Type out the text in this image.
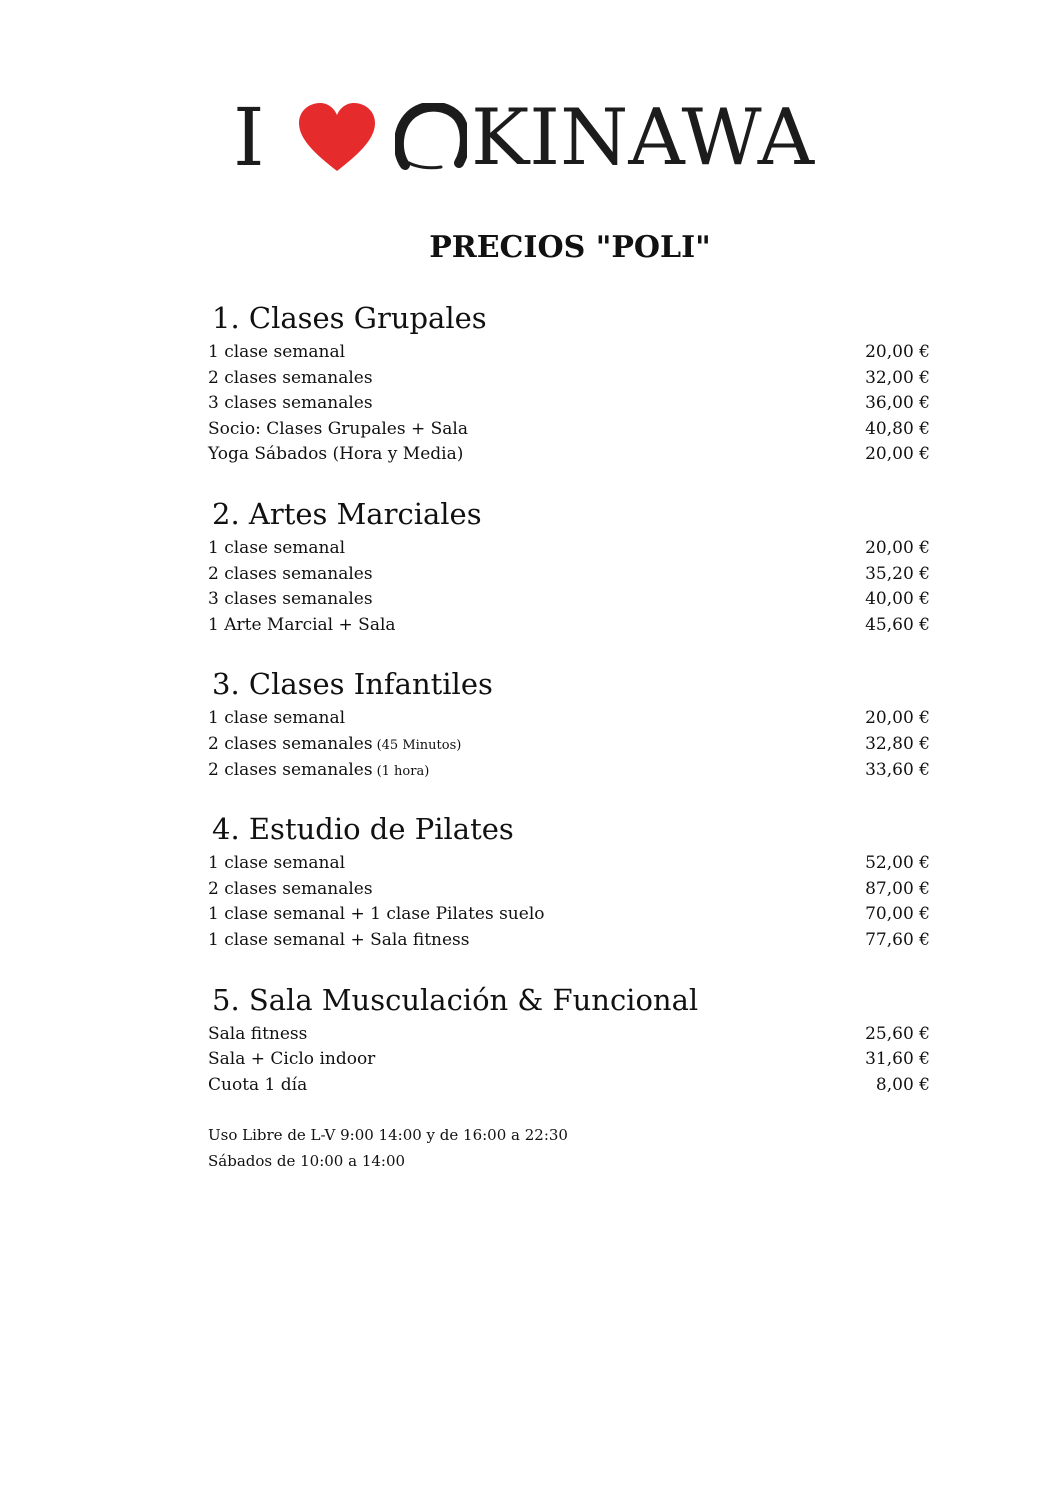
I	KINAWA
PRECIOS "POLI"
1. Clases Grupales
1 clase semanal	20,00 €
2 clases semanales	32,00 €
3 clases semanales	36,00 €
Socio: Clases Grupales + Sala	40,80 €
Yoga Sábados (Hora y Media)	20,00 €
2. Artes Marciales
1 clase semanal	20,00 €
2 clases semanales	35,20 €
3 clases semanales	40,00 €
1 Arte Marcial + Sala	45,60 €
3. Clases Infantiles
1 clase semanal	20,00 €
2 clases semanales (45 Minutos)	32,80 €
2 clases semanales (1 hora)	33,60 €
4. Estudio de Pilates
1 clase semanal	52,00 €
2 clases semanales	87,00 €
1 clase semanal + 1 clase Pilates suelo	70,00 €
1 clase semanal + Sala fitness	77,60 €
5. Sala Musculación & Funcional
Sala fitness	25,60 €
Sala + Ciclo indoor	31,60 €
Cuota 1 día	8,00 €
Uso Libre de L-V 9:00 14:00 y de 16:00 a 22:30
Sábados de 10:00 a 14:00
